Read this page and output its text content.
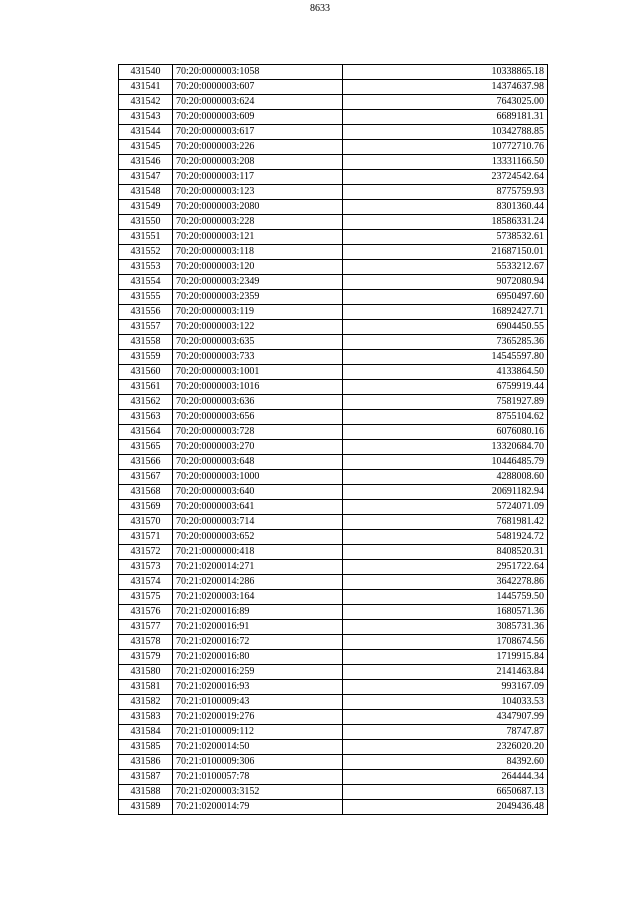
8633
431540	70:20:0000003:1058	10338865.18
431541	70:20:0000003:607	14374637.98
431542	70:20:0000003:624	7643025.00
431543	70:20:0000003:609	6689181.31
431544	70:20:0000003:617	10342788.85
431545	70:20:0000003:226	10772710.76
431546	70:20:0000003:208	13331166.50
431547	70:20:0000003:117	23724542.64
431548	70:20:0000003:123	8775759.93
431549	70:20:0000003:2080	8301360.44
431550	70:20:0000003:228	18586331.24
431551	70:20:0000003:121	5738532.61
431552	70:20:0000003:118	21687150.01
431553	70:20:0000003:120	5533212.67
431554	70:20:0000003:2349	9072080.94
431555	70:20:0000003:2359	6950497.60
431556	70:20:0000003:119	16892427.71
431557	70:20:0000003:122	6904450.55
431558	70:20:0000003:635	7365285.36
431559	70:20:0000003:733	14545597.80
431560	70:20:0000003:1001	4133864.50
431561	70:20:0000003:1016	6759919.44
431562	70:20:0000003:636	7581927.89
431563	70:20:0000003:656	8755104.62
431564	70:20:0000003:728	6076080.16
431565	70:20:0000003:270	13320684.70
431566	70:20:0000003:648	10446485.79
431567	70:20:0000003:1000	4288008.60
431568	70:20:0000003:640	20691182.94
431569	70:20:0000003:641	5724071.09
431570	70:20:0000003:714	7681981.42
431571	70:20:0000003:652	5481924.72
431572	70:21:0000000:418	8408520.31
431573	70:21:0200014:271	2951722.64
431574	70:21:0200014:286	3642278.86
431575	70:21:0200003:164	1445759.50
431576	70:21:0200016:89	1680571.36
431577	70:21:0200016:91	3085731.36
431578	70:21:0200016:72	1708674.56
431579	70:21:0200016:80	1719915.84
431580	70:21:0200016:259	2141463.84
431581	70:21:0200016:93	993167.09
431582	70:21:0100009:43	104033.53
431583	70:21:0200019:276	4347907.99
431584	70:21:0100009:112	78747.87
431585	70:21:0200014:50	2326020.20
431586	70:21:0100009:306	84392.60
431587	70:21:0100057:78	264444.34
431588	70:21:0200003:3152	6650687.13
431589	70:21:0200014:79	2049436.48
